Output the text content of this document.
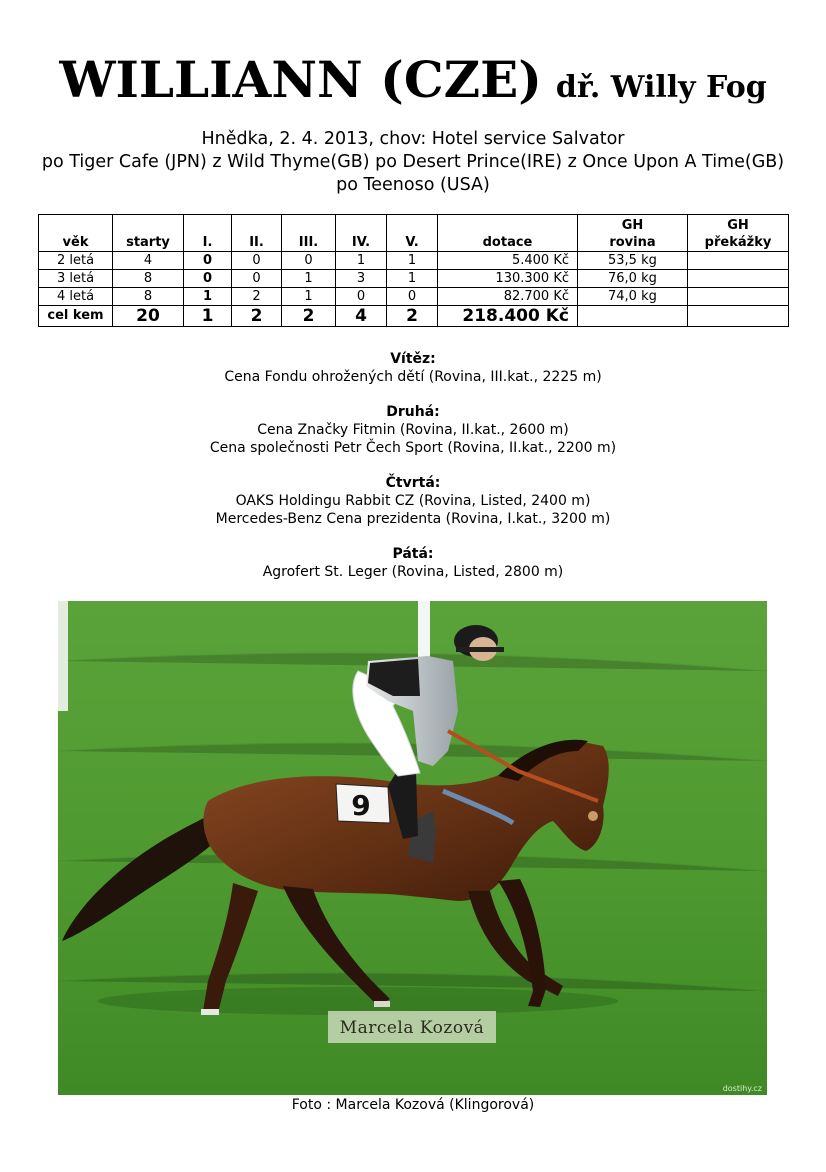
WILLIANN (CZE) dř. Willy Fog
Hnědka, 2. 4. 2013, chov: Hotel service Salvator
po Tiger Cafe (JPN) z Wild Thyme(GB) po Desert Prince(IRE) z Once Upon A Time(GB)
po Teenoso (USA)
věk	starty	I.	II.	III.	IV.	V.	dotace	GH rovina	GH překážky
2 letá	4	0	0	0	1	1	5.400 Kč	53,5 kg	
3 letá	8	0	0	1	3	1	130.300 Kč	76,0 kg	
4 letá	8	1	2	1	0	0	82.700 Kč	74,0 kg	
cel kem	20	1	2	2	4	2	218.400 Kč		
Vítěz:
Cena Fondu ohrožených dětí (Rovina, III.kat., 2225 m)
Druhá:
Cena Značky Fitmin (Rovina, II.kat., 2600 m)
Cena společnosti Petr Čech Sport (Rovina, II.kat., 2200 m)
Čtvrtá:
OAKS Holdingu Rabbit CZ (Rovina, Listed, 2400 m)
Mercedes-Benz Cena prezidenta (Rovina, I.kat., 3200 m)
Pátá:
Agrofert St. Leger (Rovina, Listed, 2800 m)
9
Marcela Kozová
dostihy.cz
Foto : Marcela Kozová (Klingorová)
